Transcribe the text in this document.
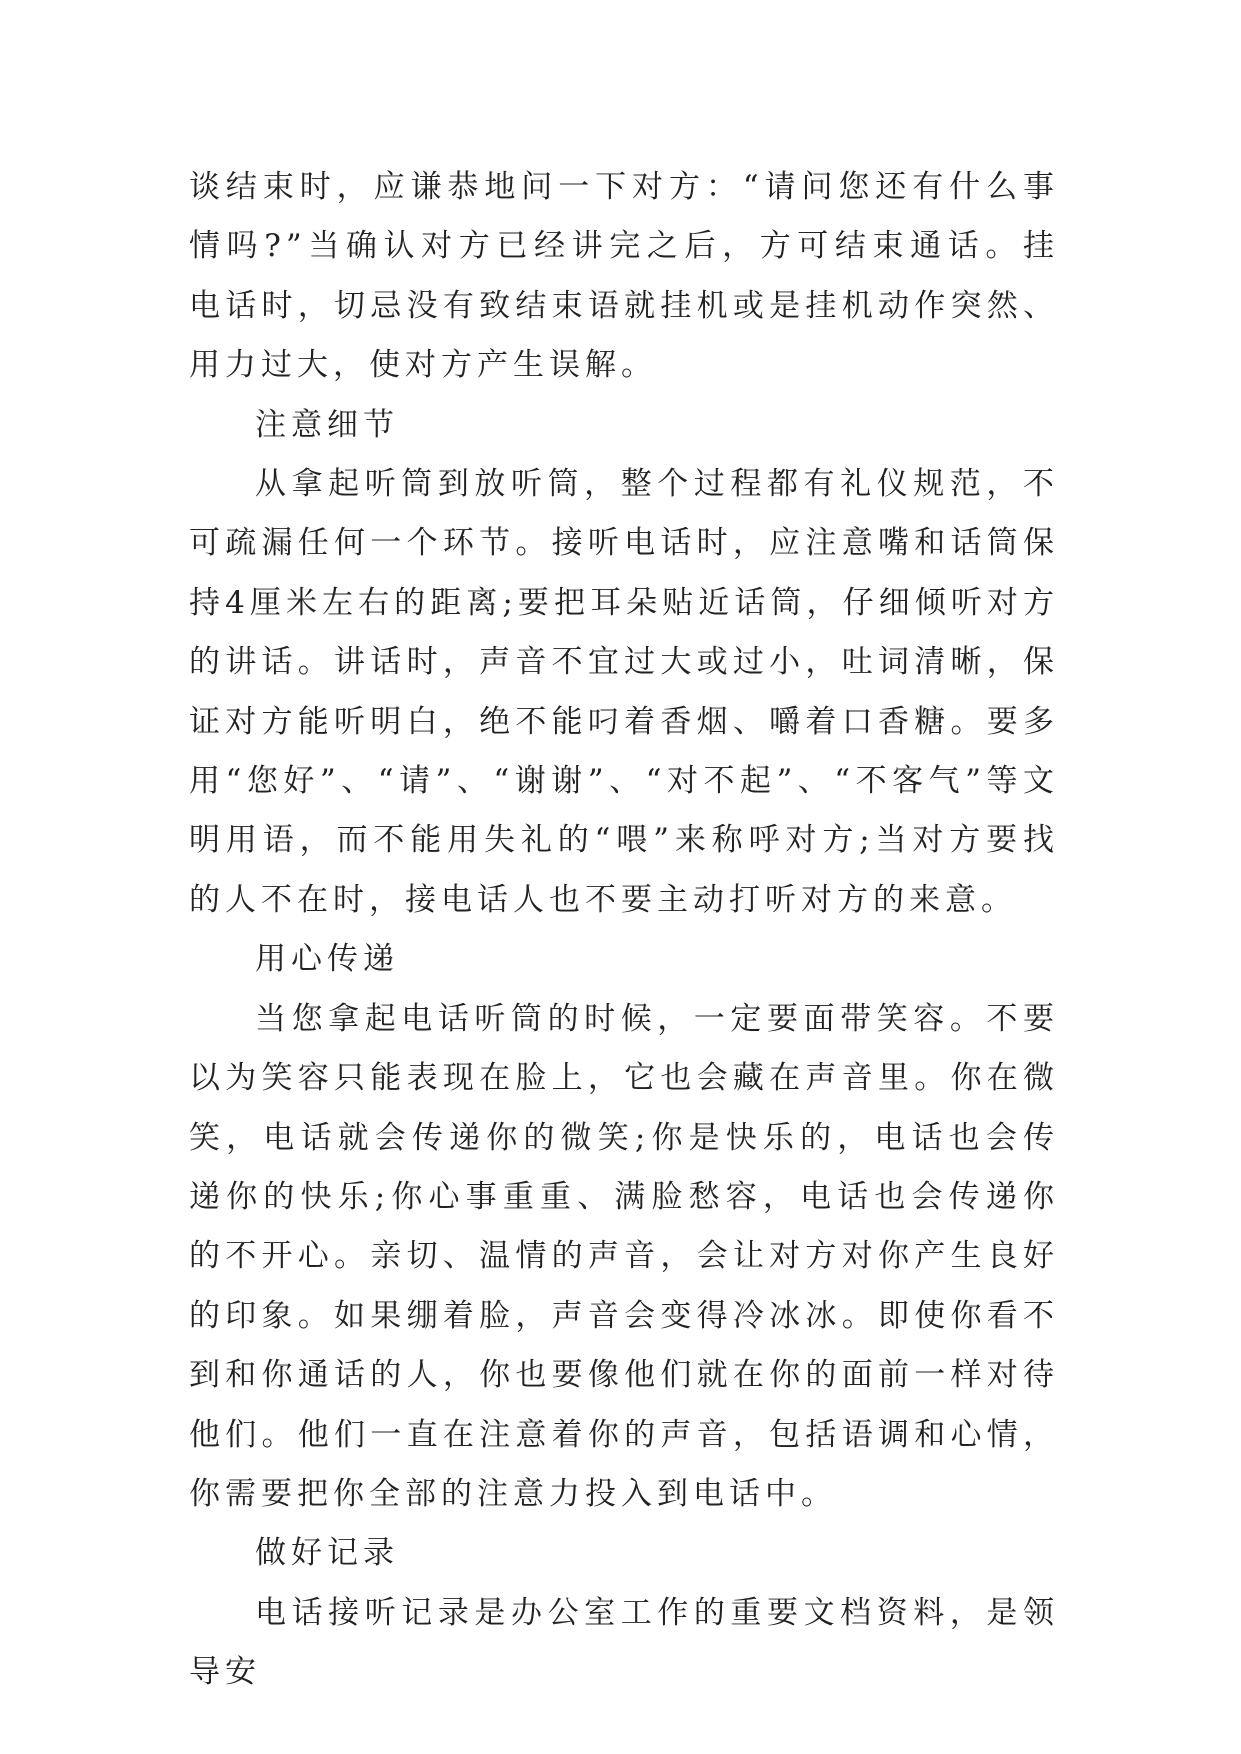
谈结束时，应谦恭地问一下对方：“请问您还有什么事情吗?”当确认对方已经讲完之后，方可结束通话。挂电话时，切忌没有致结束语就挂机或是挂机动作突然、用力过大，使对方产生误解。

注意细节

从拿起听筒到放听筒，整个过程都有礼仪规范，不可疏漏任何一个环节。接听电话时，应注意嘴和话筒保持4厘米左右的距离;要把耳朵贴近话筒，仔细倾听对方的讲话。讲话时，声音不宜过大或过小，吐词清晰，保证对方能听明白，绝不能叼着香烟、嚼着口香糖。要多用“您好”、“请”、“谢谢”、“对不起”、“不客气”等文明用语，而不能用失礼的“喂”来称呼对方;当对方要找的人不在时，接电话人也不要主动打听对方的来意。

用心传递

当您拿起电话听筒的时候，一定要面带笑容。不要以为笑容只能表现在脸上，它也会藏在声音里。你在微笑，电话就会传递你的微笑;你是快乐的，电话也会传递你的快乐;你心事重重、满脸愁容，电话也会传递你的不开心。亲切、温情的声音，会让对方对你产生良好的印象。如果绷着脸，声音会变得冷冰冰。即使你看不到和你通话的人，你也要像他们就在你的面前一样对待他们。他们一直在注意着你的声音，包括语调和心情，你需要把你全部的注意力投入到电话中。

做好记录

电话接听记录是办公室工作的重要文档资料，是领导安
